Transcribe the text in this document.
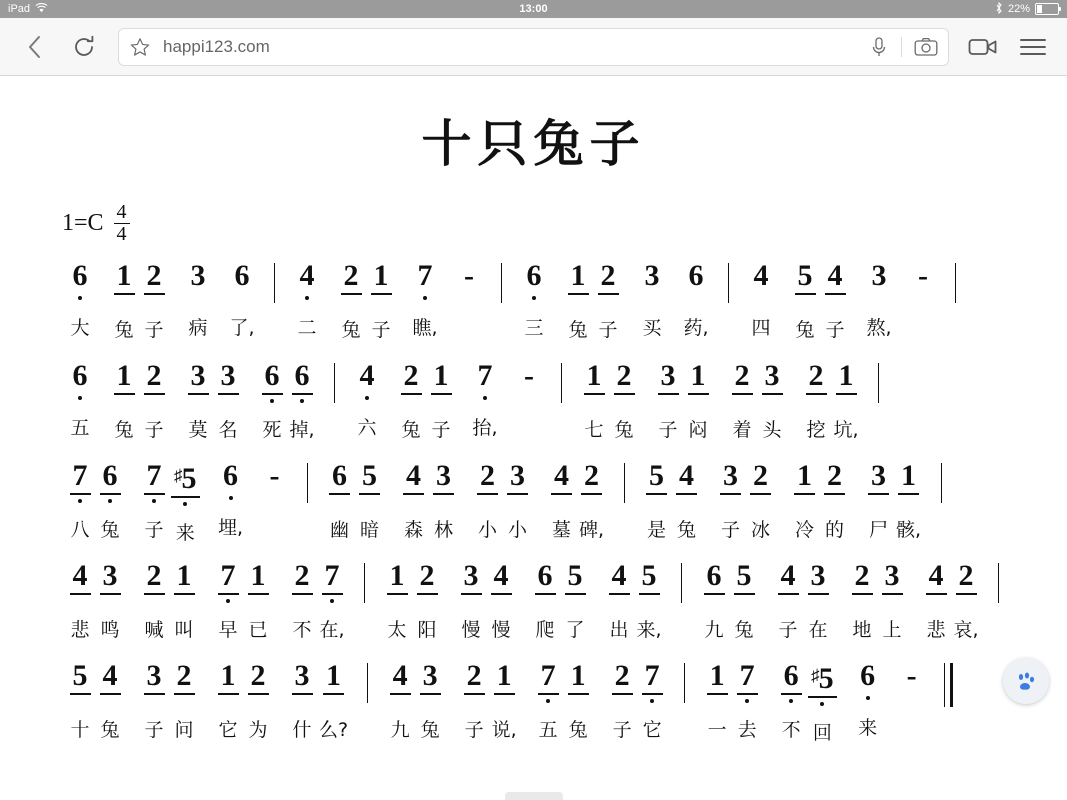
iPad	13:00	22%
happi123.com
十只兔子
$1=C \frac{4}{4}$
6
大
1
兔
2
子
3
病
6
了,
4
二
2
兔
1
子
7
瞧,
-
6
三
1
兔
2
子
3
买
6
药,
4
四
5
兔
4
子
3
熬,
-

6
五
1
兔
2
子
3
莫
3
名
6
死
6
掉,
4
六
2
兔
1
子
7
抬,
-
1
七
2
兔
3
子
1
闷
2
着
3
头
2
挖
1
坑,
7
八
6
兔
7
子
♯5
来
6
埋,
-
6
幽
5
暗
4
森
3
林
2
小
3
小
4
墓
2
碑,
5
是
4
兔
3
子
2
冰
1
冷
2
的
3
尸
1
骸,
4
悲
3
鸣
2
喊
1
叫
7
早
1
已
2
不
7
在,
1
太
2
阳
3
慢
4
慢
6
爬
5
了
4
出
5
来,
6
九
5
兔
4
子
3
在
2
地
3
上
4
悲
2
哀,
5
十
4
兔
3
子
2
问
1
它
2
为
3
什
1
么?
4
九
3
兔
2
子
1
说,
7
五
1
兔
2
子
7
它
1
一
7
去
6
不
♯5
回
6
来
-
